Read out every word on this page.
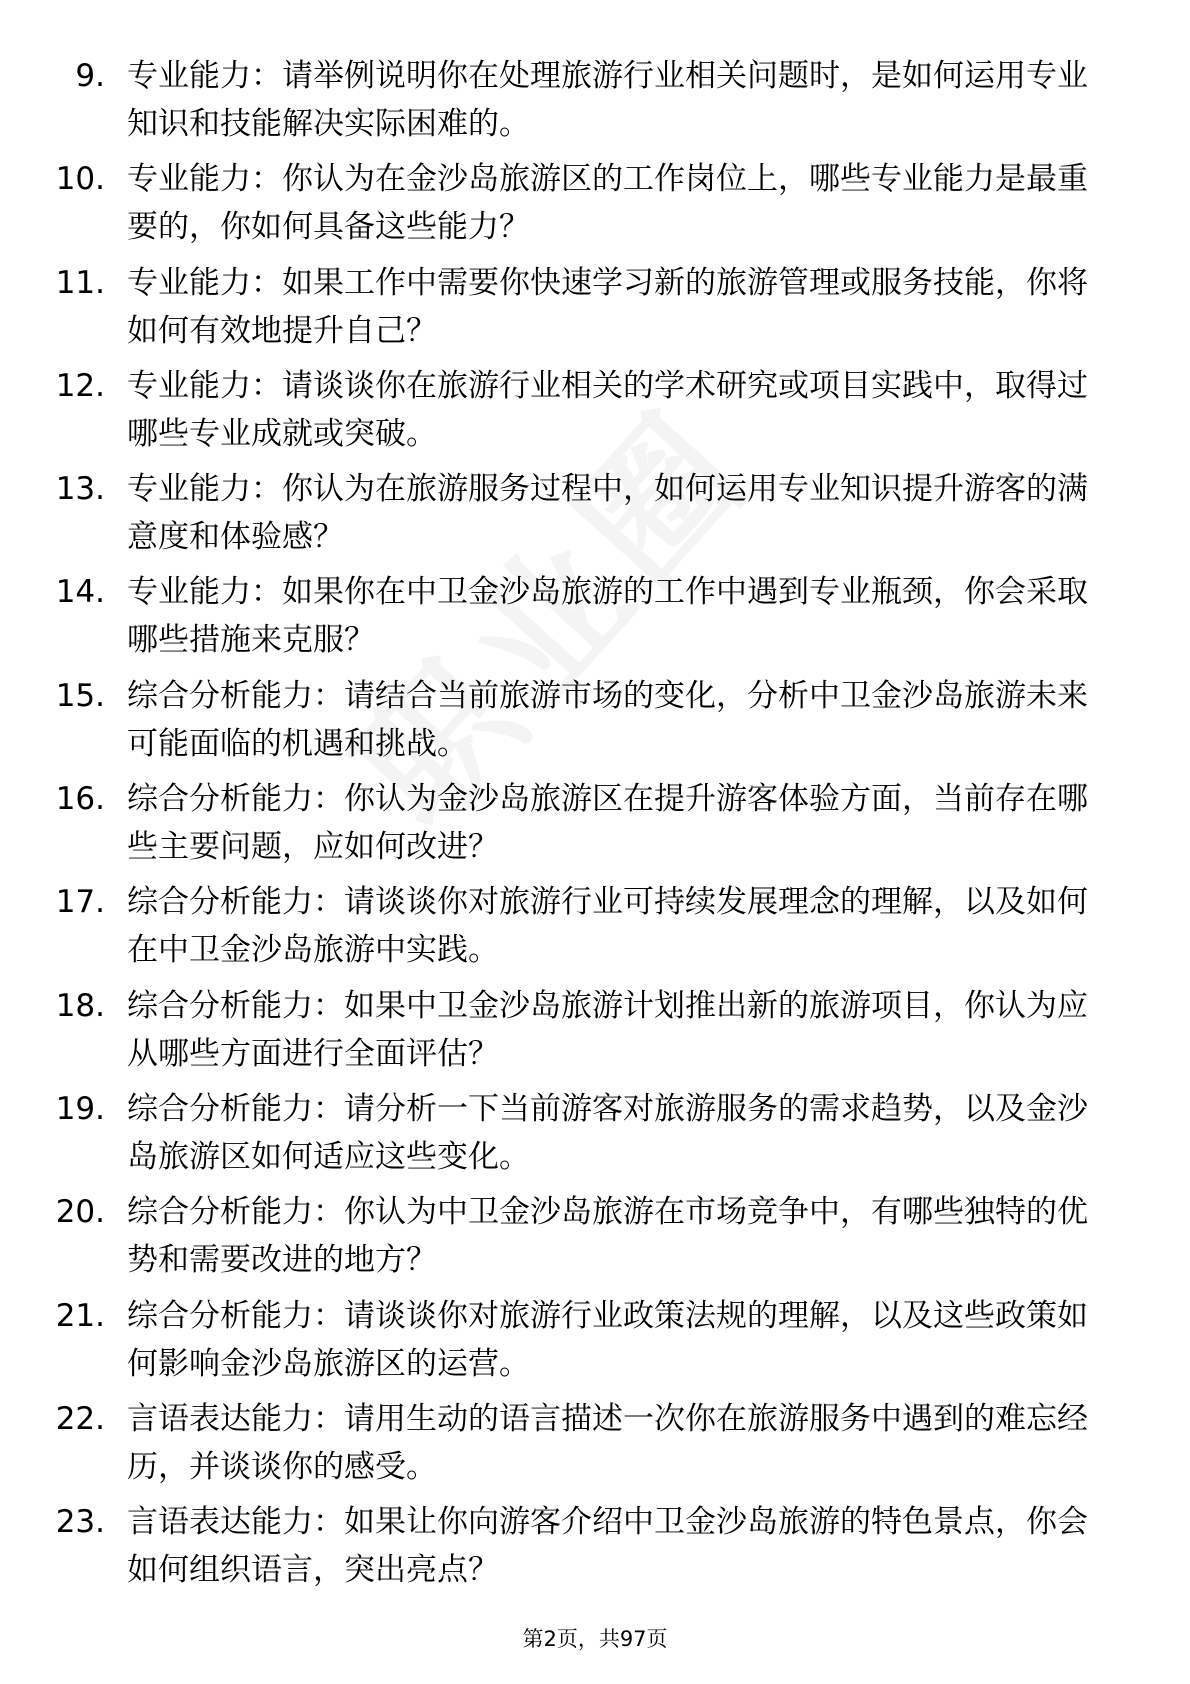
9. 专业能力：请举例说明你在处理旅游行业相关问题时，是如何运用专业知识和技能解决实际困难的。
10. 专业能力：你认为在金沙岛旅游区的工作岗位上，哪些专业能力是最重要的，你如何具备这些能力？
11. 专业能力：如果工作中需要你快速学习新的旅游管理或服务技能，你将如何有效地提升自己？
12. 专业能力：请谈谈你在旅游行业相关的学术研究或项目实践中，取得过哪些专业成就或突破。
13. 专业能力：你认为在旅游服务过程中，如何运用专业知识提升游客的满意度和体验感？
14. 专业能力：如果你在中卫金沙岛旅游的工作中遇到专业瓶颈，你会采取哪些措施来克服？
15. 综合分析能力：请结合当前旅游市场的变化，分析中卫金沙岛旅游未来可能面临的机遇和挑战。
16. 综合分析能力：你认为金沙岛旅游区在提升游客体验方面，当前存在哪些主要问题，应如何改进？
17. 综合分析能力：请谈谈你对旅游行业可持续发展理念的理解，以及如何在中卫金沙岛旅游中实践。
18. 综合分析能力：如果中卫金沙岛旅游计划推出新的旅游项目，你认为应从哪些方面进行全面评估？
19. 综合分析能力：请分析一下当前游客对旅游服务的需求趋势，以及金沙岛旅游区如何适应这些变化。
20. 综合分析能力：你认为中卫金沙岛旅游在市场竞争中，有哪些独特的优势和需要改进的地方？
21. 综合分析能力：请谈谈你对旅游行业政策法规的理解，以及这些政策如何影响金沙岛旅游区的运营。
22. 言语表达能力：请用生动的语言描述一次你在旅游服务中遇到的难忘经历，并谈谈你的感受。
23. 言语表达能力：如果让你向游客介绍中卫金沙岛旅游的特色景点，你会如何组织语言，突出亮点？
第2页，共97页
